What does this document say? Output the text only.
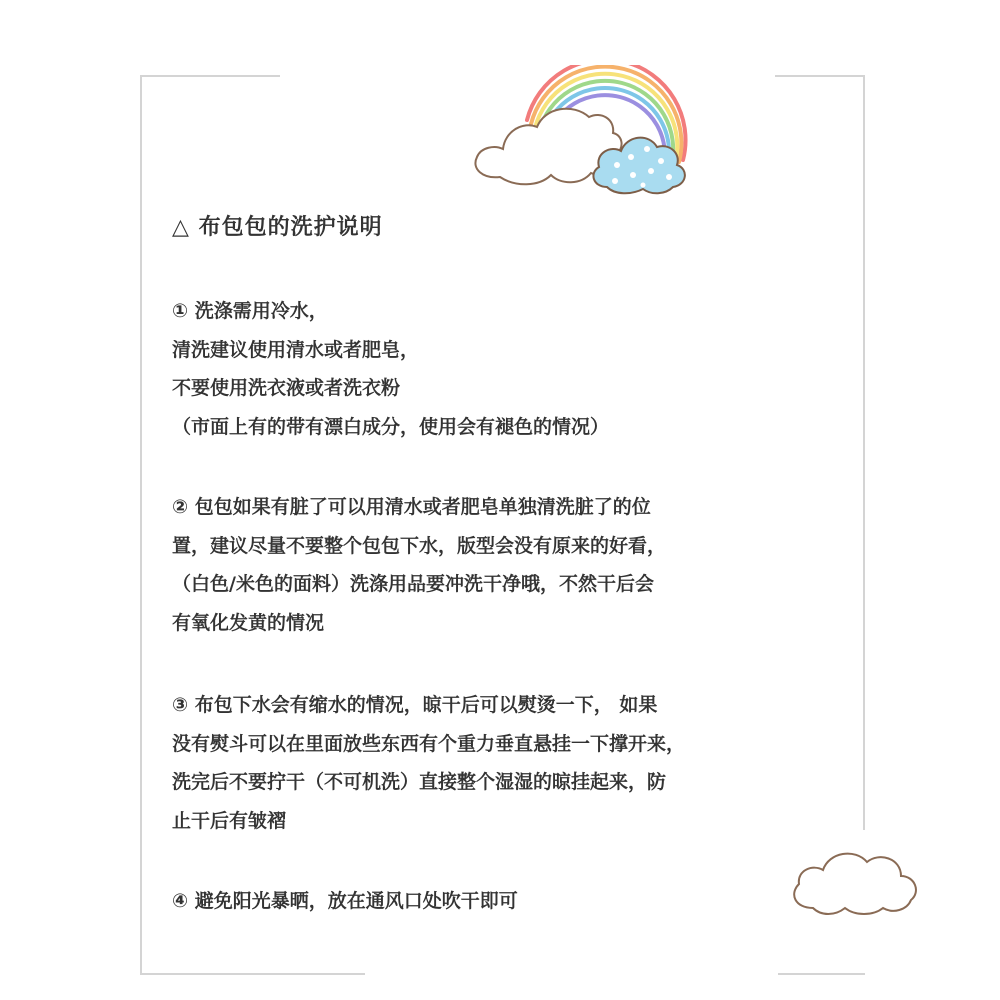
△ 布包包的洗护说明
① 洗涤需用冷水，
清洗建议使用清水或者肥皂，
不要使用洗衣液或者洗衣粉
（市面上有的带有漂白成分，使用会有褪色的情况）
② 包包如果有脏了可以用清水或者肥皂单独清洗脏了的位
置，建议尽量不要整个包包下水，版型会没有原来的好看，
（白色/米色的面料）洗涤用品要冲洗干净哦，不然干后会
有氧化发黄的情况
③ 布包下水会有缩水的情况，晾干后可以熨烫一下， 如果
没有熨斗可以在里面放些东西有个重力垂直悬挂一下撑开来，
洗完后不要拧干（不可机洗）直接整个湿湿的晾挂起来，防
止干后有皱褶
④ 避免阳光暴晒，放在通风口处吹干即可
